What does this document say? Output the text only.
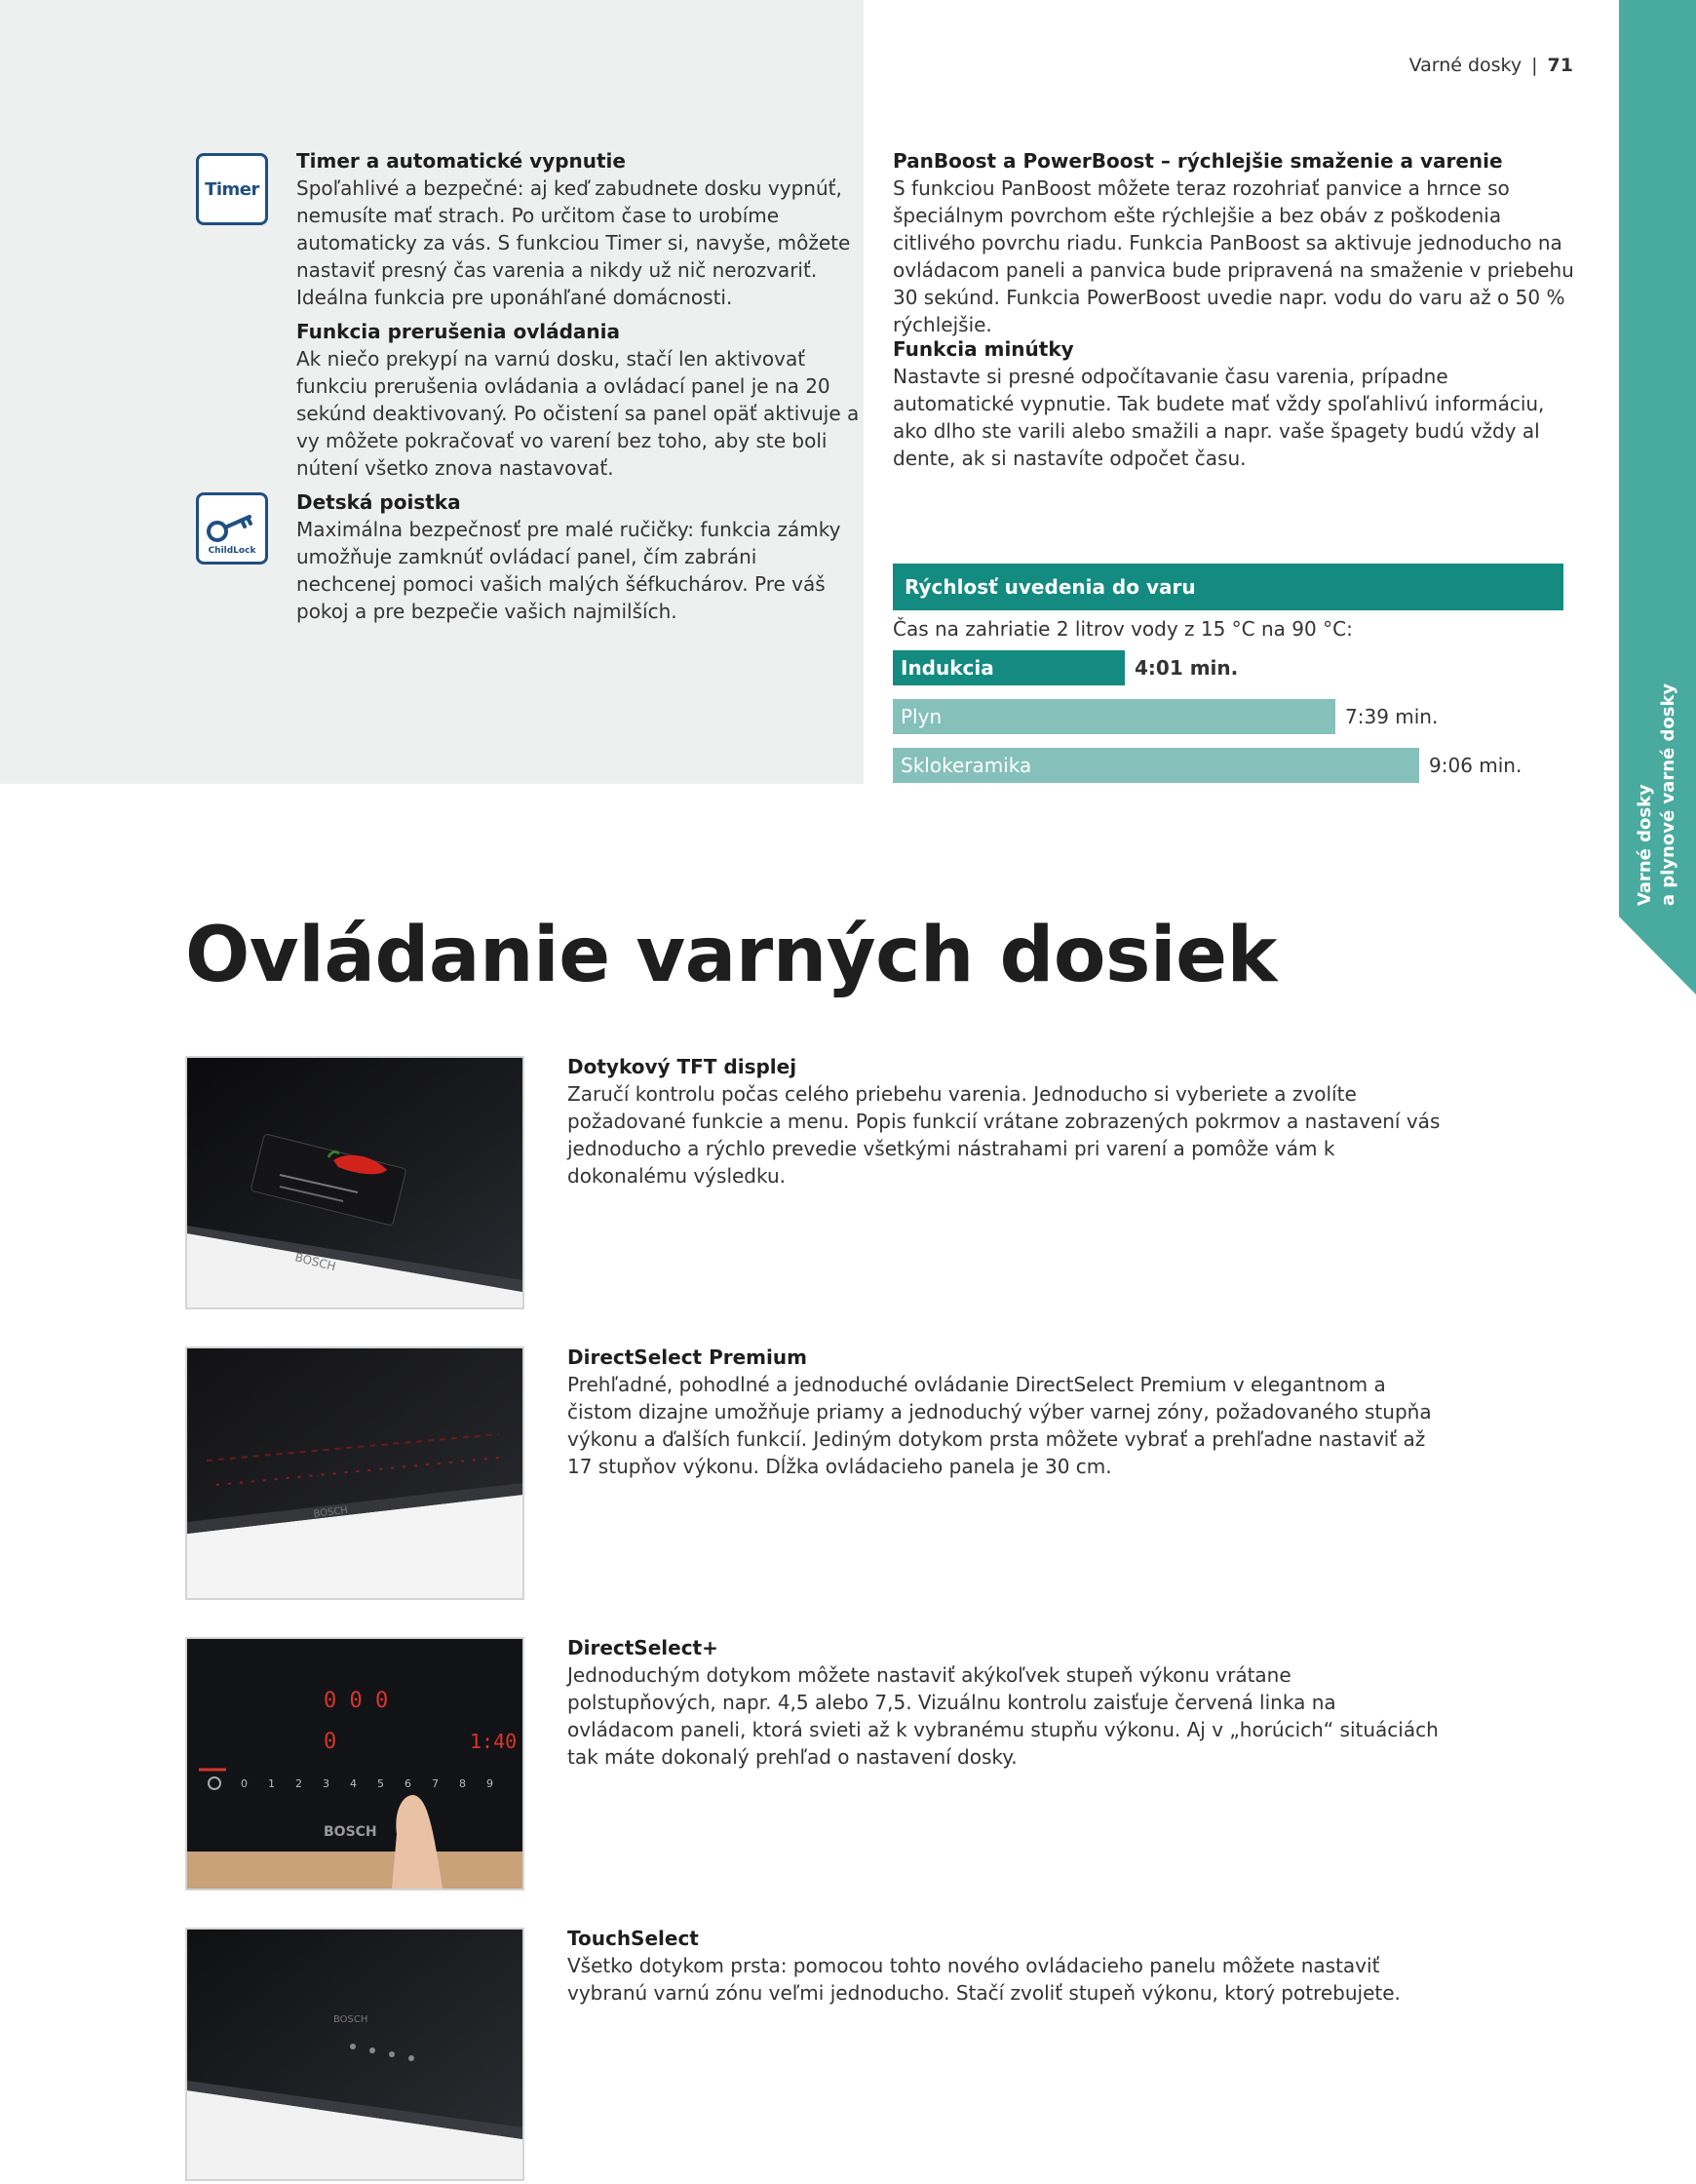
Varné dosky a plynové varné dosky
Varné dosky | 71
Timer
ChildLock
Timer a automatické vypnutie

Spoľahlivé a bezpečné: aj keď zabudnete dosku vypnúť, nemusíte mať strach. Po určitom čase to urobíme automaticky za vás. S funkciou Timer si, navyše, môžete nastaviť presný čas varenia a nikdy už nič nerozvariť. Ideálna funkcia pre uponáhľané domácnosti.

Funkcia prerušenia ovládania

Ak niečo prekypí na varnú dosku, stačí len aktivovať funkciu prerušenia ovládania a ovládací panel je na 20 sekúnd deaktivovaný. Po očistení sa panel opäť aktivuje a vy môžete pokračovať vo varení bez toho, aby ste boli nútení všetko znova nastavovať.

Detská poistka

Maximálna bezpečnosť pre malé ručičky: funkcia zámky umožňuje zamknúť ovládací panel, čím zabráni nechcenej pomoci vašich malých šéfkuchárov. Pre váš pokoj a pre bezpečie vašich najmilších.

PanBoost a PowerBoost – rýchlejšie smaženie a varenie

S funkciou PanBoost môžete teraz rozohriať panvice a hrnce so špeciálnym povrchom ešte rýchlejšie a bez obáv z poškodenia citlivého povrchu riadu. Funkcia PanBoost sa aktivuje jednoducho na ovládacom paneli a panvica bude pripravená na smaženie v priebehu 30 sekúnd. Funkcia PowerBoost uvedie napr. vodu do varu až o 50 % rýchlejšie.

Funkcia minútky

Nastavte si presné odpočítavanie času varenia, prípadne automatické vypnutie. Tak budete mať vždy spoľahlivú informáciu, ako dlho ste varili alebo smažili a napr. vaše špagety budú vždy al dente, ak si nastavíte odpočet času.

Rýchlosť uvedenia do varu
Čas na zahriatie 2 litrov vody z 15 °C na 90 °C:
Indukcia	4:01 min.
Plyn	7:39 min.
Sklokeramika	9:06 min.
Ovládanie varných dosiek
BOSCH
BOSCH
0 0 0
0	1:40
0 1 2 3 4 5 6 7 8 9
BOSCH
BOSCH
Dotykový TFT displej

Zaručí kontrolu počas celého priebehu varenia. Jednoducho si vyberiete a zvolíte požadované funkcie a menu. Popis funkcií vrátane zobrazených pokrmov a nastavení vás jednoducho a rýchlo prevedie všetkými nástrahami pri varení a pomôže vám k dokonalému výsledku.

DirectSelect Premium

Prehľadné, pohodlné a jednoduché ovládanie DirectSelect Premium v elegantnom a čistom dizajne umožňuje priamy a jednoduchý výber varnej zóny, požadovaného stupňa výkonu a ďalších funkcií. Jediným dotykom prsta môžete vybrať a prehľadne nastaviť až 17 stupňov výkonu. Dĺžka ovládacieho panela je 30 cm.

DirectSelect+

Jednoduchým dotykom môžete nastaviť akýkoľvek stupeň výkonu vrátane polstupňových, napr. 4,5 alebo 7,5. Vizuálnu kontrolu zaisťuje červená linka na ovládacom paneli, ktorá svieti až k vybranému stupňu výkonu. Aj v „horúcich“ situáciách tak máte dokonalý prehľad o nastavení dosky.

TouchSelect

Všetko dotykom prsta: pomocou tohto nového ovládacieho panelu môžete nastaviť vybranú varnú zónu veľmi jednoducho. Stačí zvoliť stupeň výkonu, ktorý potrebujete.
